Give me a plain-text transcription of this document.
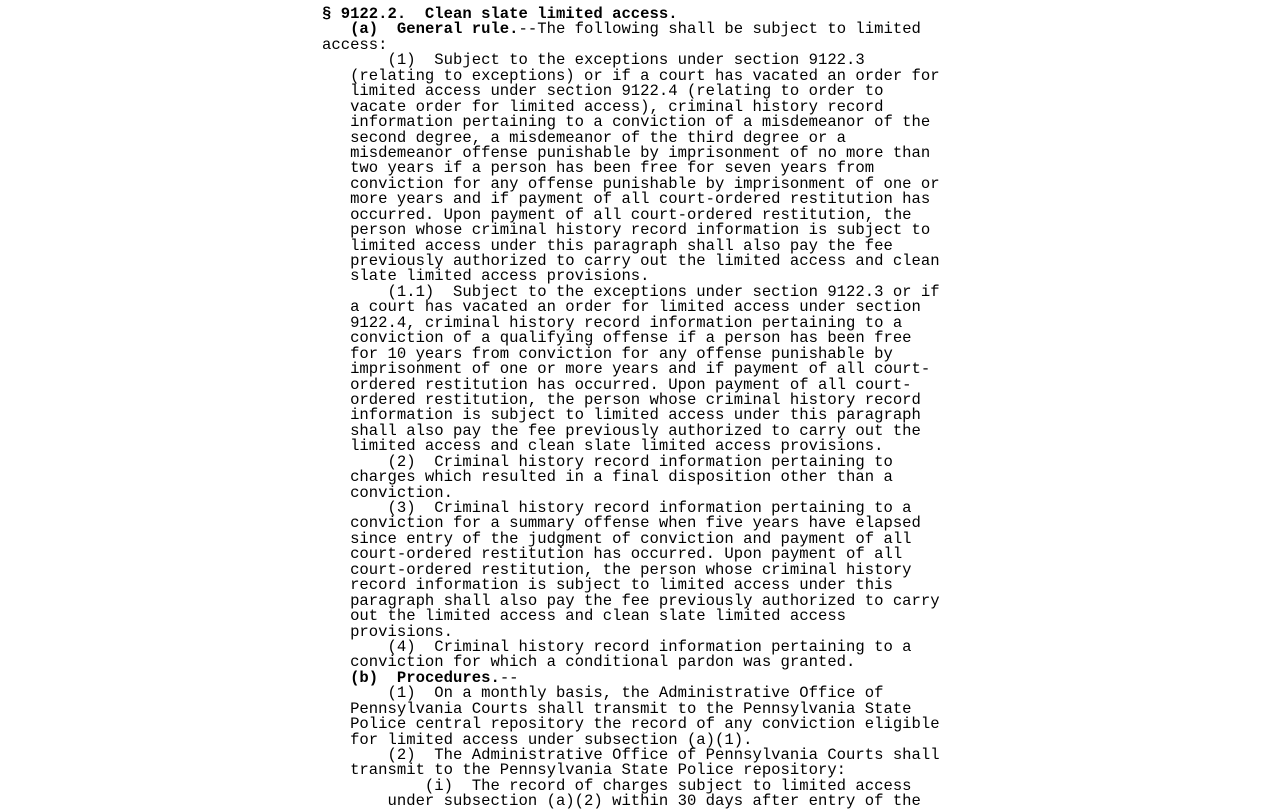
§ 9122.2.  Clean slate limited access.
(a)  General rule.--The following shall be subject to limited
access:
(1)  Subject to the exceptions under section 9122.3
(relating to exceptions) or if a court has vacated an order for
limited access under section 9122.4 (relating to order to
vacate order for limited access), criminal history record
information pertaining to a conviction of a misdemeanor of the
second degree, a misdemeanor of the third degree or a
misdemeanor offense punishable by imprisonment of no more than
two years if a person has been free for seven years from
conviction for any offense punishable by imprisonment of one or
more years and if payment of all court-ordered restitution has
occurred. Upon payment of all court-ordered restitution, the
person whose criminal history record information is subject to
limited access under this paragraph shall also pay the fee
previously authorized to carry out the limited access and clean
slate limited access provisions.
(1.1)  Subject to the exceptions under section 9122.3 or if
a court has vacated an order for limited access under section
9122.4, criminal history record information pertaining to a
conviction of a qualifying offense if a person has been free
for 10 years from conviction for any offense punishable by
imprisonment of one or more years and if payment of all court-
ordered restitution has occurred. Upon payment of all court-
ordered restitution, the person whose criminal history record
information is subject to limited access under this paragraph
shall also pay the fee previously authorized to carry out the
limited access and clean slate limited access provisions.
(2)  Criminal history record information pertaining to
charges which resulted in a final disposition other than a
conviction.
(3)  Criminal history record information pertaining to a
conviction for a summary offense when five years have elapsed
since entry of the judgment of conviction and payment of all
court-ordered restitution has occurred. Upon payment of all
court-ordered restitution, the person whose criminal history
record information is subject to limited access under this
paragraph shall also pay the fee previously authorized to carry
out the limited access and clean slate limited access
provisions.
(4)  Criminal history record information pertaining to a
conviction for which a conditional pardon was granted.
(b)  Procedures.--
(1)  On a monthly basis, the Administrative Office of
Pennsylvania Courts shall transmit to the Pennsylvania State
Police central repository the record of any conviction eligible
for limited access under subsection (a)(1).
(2)  The Administrative Office of Pennsylvania Courts shall
transmit to the Pennsylvania State Police repository:
(i)  The record of charges subject to limited access
under subsection (a)(2) within 30 days after entry of the
